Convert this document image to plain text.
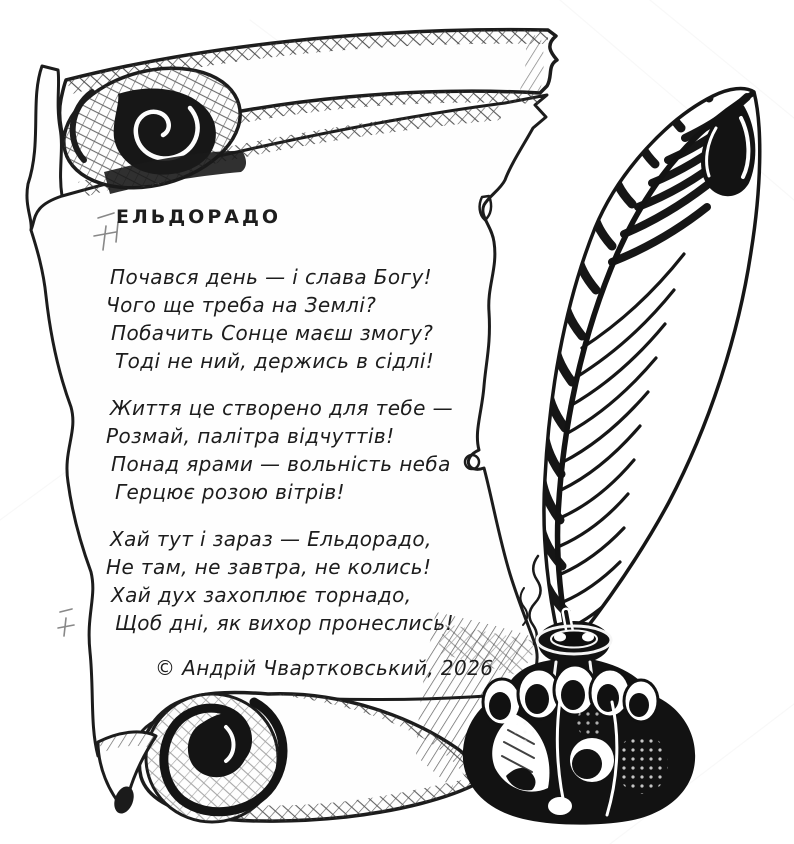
ЕЛЬДОРАДО

Почався день — і слава Богу!

Чого ще треба на Землі?

Побачить Сонце маєш змогу?

Тоді не ний, держись в сідлі!

Життя це створено для тебе —

Розмай, палітра відчуттів!

Понад ярами — вольність неба

Герцює розою вітрів!

Хай тут і зараз — Ельдорадо,

Не там, не завтра, не колись!

Хай дух захоплює торнадо,

Щоб дні, як вихор пронеслись!

© Андрій Чвартковський, 2026
